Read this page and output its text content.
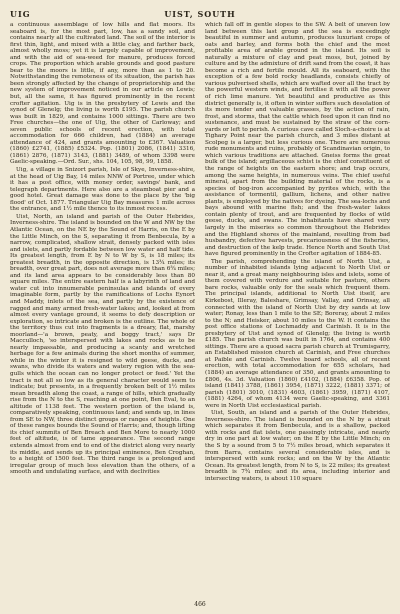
UIG	UIST, SOUTH

a continuous assemblage of low hills and flat moors. Its seaboard is, for the most part, low, has a sandy soil, and contains nearly all the cultivated land. The soil of the interior is first thin, light, and mixed with a little clay, and farther back, almost wholly moss; yet it is largely capable of improvement, and with the aid of sea-weed for manure, produces forced crops. The proportion which arable grounds and good pasture bear to the moors is little, if any, more than as 1 to 20. Notwithstanding the remoteness of its situation, the parish has been strongly affected by the change of proprietorship and the new system of improvement noticed in our article on Lewis; but, all the same, it has figured prominently in the recent crofter agitation. Uig is in the presbytery of Lewis and the synod of Glenelg; the living is worth £195. The parish church was built in 1829, and contains 1000 sittings. There are two Free churches—the one of Uig, the other of Carloway; and seven public schools of recent erection, with total accommodation for 666 children, had (1884) an average attendance of 424, and grants amounting to £367. Valuation (1860) £2741, (1885) £5324. Pop. (1801) 2086, (1841) 3316, (1861) 2876, (1871) 3143, (1881) 3489, of whom 3398 were Gaelic-speaking.—Ord. Sur., shs. 104, 105, 98, 99, 1858.

Uig, a village in Snizort parish, Isle of Skye, Inverness-shire, at the head of Uig Bay, 14 miles NNW of Portree, under which it has a post office, with money order, savings' bank, and telegraph departments. Here also are a steamboat pier and a good hotel. Great damage was done to the place by the 'big flood' of Oct. 1877. Triangular Uig Bay measures 1 mile across the entrance, and 1½ mile thence to its inmost recess.

Uist, North, an island and parish of the Outer Hebrides, Inverness-shire. The island is bounded on the W and NW by the Atlantic Ocean, on the NE by the Sound of Harris, on the E by the Little Minch, on the S, separating it from Benbecula, by a narrow, complicated, shallow strait, densely packed with isles and islets, and partly fordable between low water and half tide. Its greatest length, from E by N to W by S, is 18 miles; its greatest breadth, in the opposite direction, is 13¾ miles; its breadth, over great part, does not average more than 6¾ miles; and its land area appears to be considerably less than 80 square miles. The entire eastern half is a labyrinth of land and water cut into innumerable peninsulas and islands of every imaginable form, partly by the ramifications of Lochs Eynort and Maddy, inlets of the sea, and partly by the existence of ragged and many armed fresh-water lakes; and, looked at from almost every vantage ground, it seems to defy description or exploration, so intricate and broken is the outline. The whole of the territory thus cut into fragments is a dreary, flat, marshy moorland—'a brown, peaty, and boggy tract,' says Dr Macculloch, 'so interspersed with lakes and rocks as to be nearly impassable, and producing a scanty and wretched herbage for a few animals during the short months of summer, while in the winter it is resigned to wild geese, ducks, and swans, who divide its waters and watery region with the sea-gulls which the ocean can no longer protect or feed.' Yet the tract is not all so low as its general character would seem to indicate; but presents, in a frequently broken belt of 1½ miles mean breadth along the coast, a range of hills, which gradually rise from the N to the S, reaching at one point, Ben Eval, to an altitude of 1138 feet. The western portion of the island is, comparatively speaking, continuous land; and sends up, in lines from SE to NW, three distinct groups or ranges of heights. One of these ranges bounds the Sound of Harris; and, though lifting its chief summits of Ben Breach and Ben More to nearly 1000 feet of altitude, is of tame appearance. The second range extends almost from end to end of the district along very nearly its middle, and sends up its principal eminence, Ben Croghan, to a height of 1500 feet. The third range is a prolonged and irregular group of much less elevation than the others, of a smooth and undulating surface, and with declivities

which fall off in gentle slopes to the SW. A belt of uneven low land between this last group and the sea is exceedingly beautiful in summer and autumn, produces luxuriant crops of oats and barley, and forms both the chief and the most profitable area of arable ground in the island. Its soil is naturally a mixture of clay and peat moss, but, joined by culture and by the admixture of drift sand from the coast, it has become a rich and fertile mould. All its seaboard, with the exception of a few bold rocky headlands, consists chiefly of various pulverised shells, which are wafted over all the tract by the powerful western winds, and fertilise it with all the power of rich lime manure. Yet beautiful and productive as this district generally is, it often in winter suffers such desolation of its more tender and valuable grasses, by the action of rain, frost, and storms, that the cattle which feed upon it can find no sustenance, and must be sustained by the straw of the corn-yards or left to perish. A curious cave called Sloch-a-choire is at Tighary Point near the parish church, and 3 miles distant at Scolpeg is a larger, but less curious one. There are numerous rude monuments and ruins, probably of Scandinavian origin, to which various traditions are attached. Gneiss forms the great bulk of the island; argillaceous schist is the chief constituent of the range of heights on the eastern shore; and trap occurs, among the same heights, in numerous veins. The chief useful mineral, apart from the building material of the rocks, is a species of bog-iron accompanied by pyrites which, with the assistance of tormentil, gallium, lichens, and other native plants, is employed by the natives for dyeing. The sea-lochs and bays abound with marine fish; and the fresh-water lakes contain plenty of trout, and are frequented by flocks of wild geese, ducks, and swans. The inhabitants have shared very largely in the miseries so common throughout the Hebrides and the Highland shores of the mainland, resulting from bad husbandry, defective harvests, precariousness of the fisheries, and destruction of the kelp trade. Hence North and South Uist have figured prominently in the Crofter agitation of 1884-85.

The parish, comprehending the island of North Uist, a number of inhabited islands lying adjacent to North Uist or near it, and a great many neighbouring isles and islets, some of them covered with verdure and suitable for pasture, others bare rocks, valuable only for the seals which frequent them. The principal islands, additional to North Uist itself, are Kirkebost, Illeray, Baleshare, Grimsay, Vallay, and Orinsay, all connected with the island of North Uist by dry sands at low water; Ronay, less than 1 mile to the SE; Boreray, about 2 miles to the N; and Heisker, about 10 miles to the W. It contains the post office stations of Lochmaddy and Carinish. It is in the presbytery of Uist and synod of Glenelg; the living is worth £185. The parish church was built in 1764, and contains 400 sittings. There are a quoad sacra parish church at Trumisgarry, an Established mission church at Carinish, and Free churches at Paible and Carinish. Twelve board schools, all of recent erection, with total accommodation for 655 scholars, had (1884) an average attendance of 350, and grants amounting to £806, 4s. 3d. Valuation (1860) £4102, (1884) £6358. Pop. of island (1841) 3788, (1861) 3954, (1871) 3222, (1881) 3371; of parish (1801) 3010, (1831) 4603, (1861) 3959, (1871) 4107, (1881) 4264, of whom 4134 were Gaelic-speaking, and 3361 were in North Uist ecclesiastical parish.

Uist, South, an island and a parish of the Outer Hebrides, Inverness-shire. The island is bounded on the N by a strait which separates it from Benbecula, and is a shallow, packed with rocks and flat islets, one passingly intricate, and nearly dry in one part at low water; on the E by the Little Minch; on the S by a sound from 5 to 7½ miles broad, which separates it from Barra, contains several considerable isles, and is interspersed with sunk rocks; and on the W by the Atlantic Ocean. Its greatest length, from N to S, is 22 miles; its greatest breadth is 7¾ miles; and its area, including interior and intersecting waters, is about 110 square

466
